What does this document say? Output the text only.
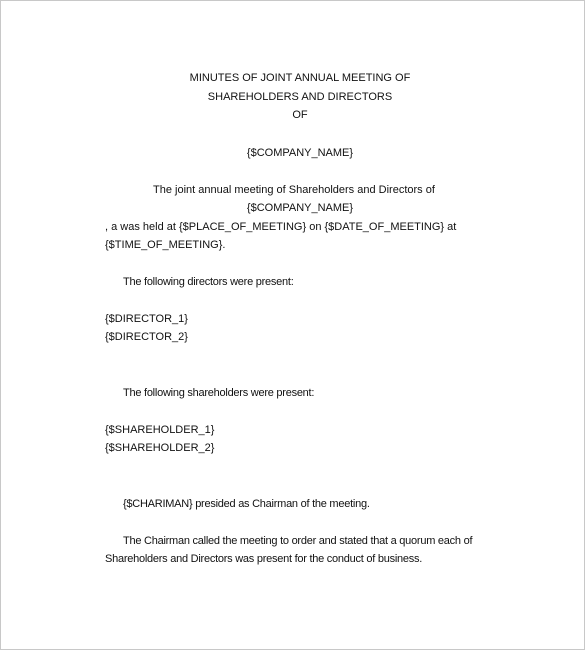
MINUTES OF JOINT ANNUAL MEETING OF
SHAREHOLDERS AND DIRECTORS
OF
{$COMPANY_NAME}
The joint annual meeting of Shareholders and Directors of
{$COMPANY_NAME}
, a was held at {$PLACE_OF_MEETING} on {$DATE_OF_MEETING} at
{$TIME_OF_MEETING}.
The following directors were present:
{$DIRECTOR_1}
{$DIRECTOR_2}
The following shareholders were present:
{$SHAREHOLDER_1}
{$SHAREHOLDER_2}
{$CHARIMAN} presided as Chairman of the meeting.
The Chairman called the meeting to order and stated that a quorum each of
Shareholders and Directors was present for the conduct of business.
